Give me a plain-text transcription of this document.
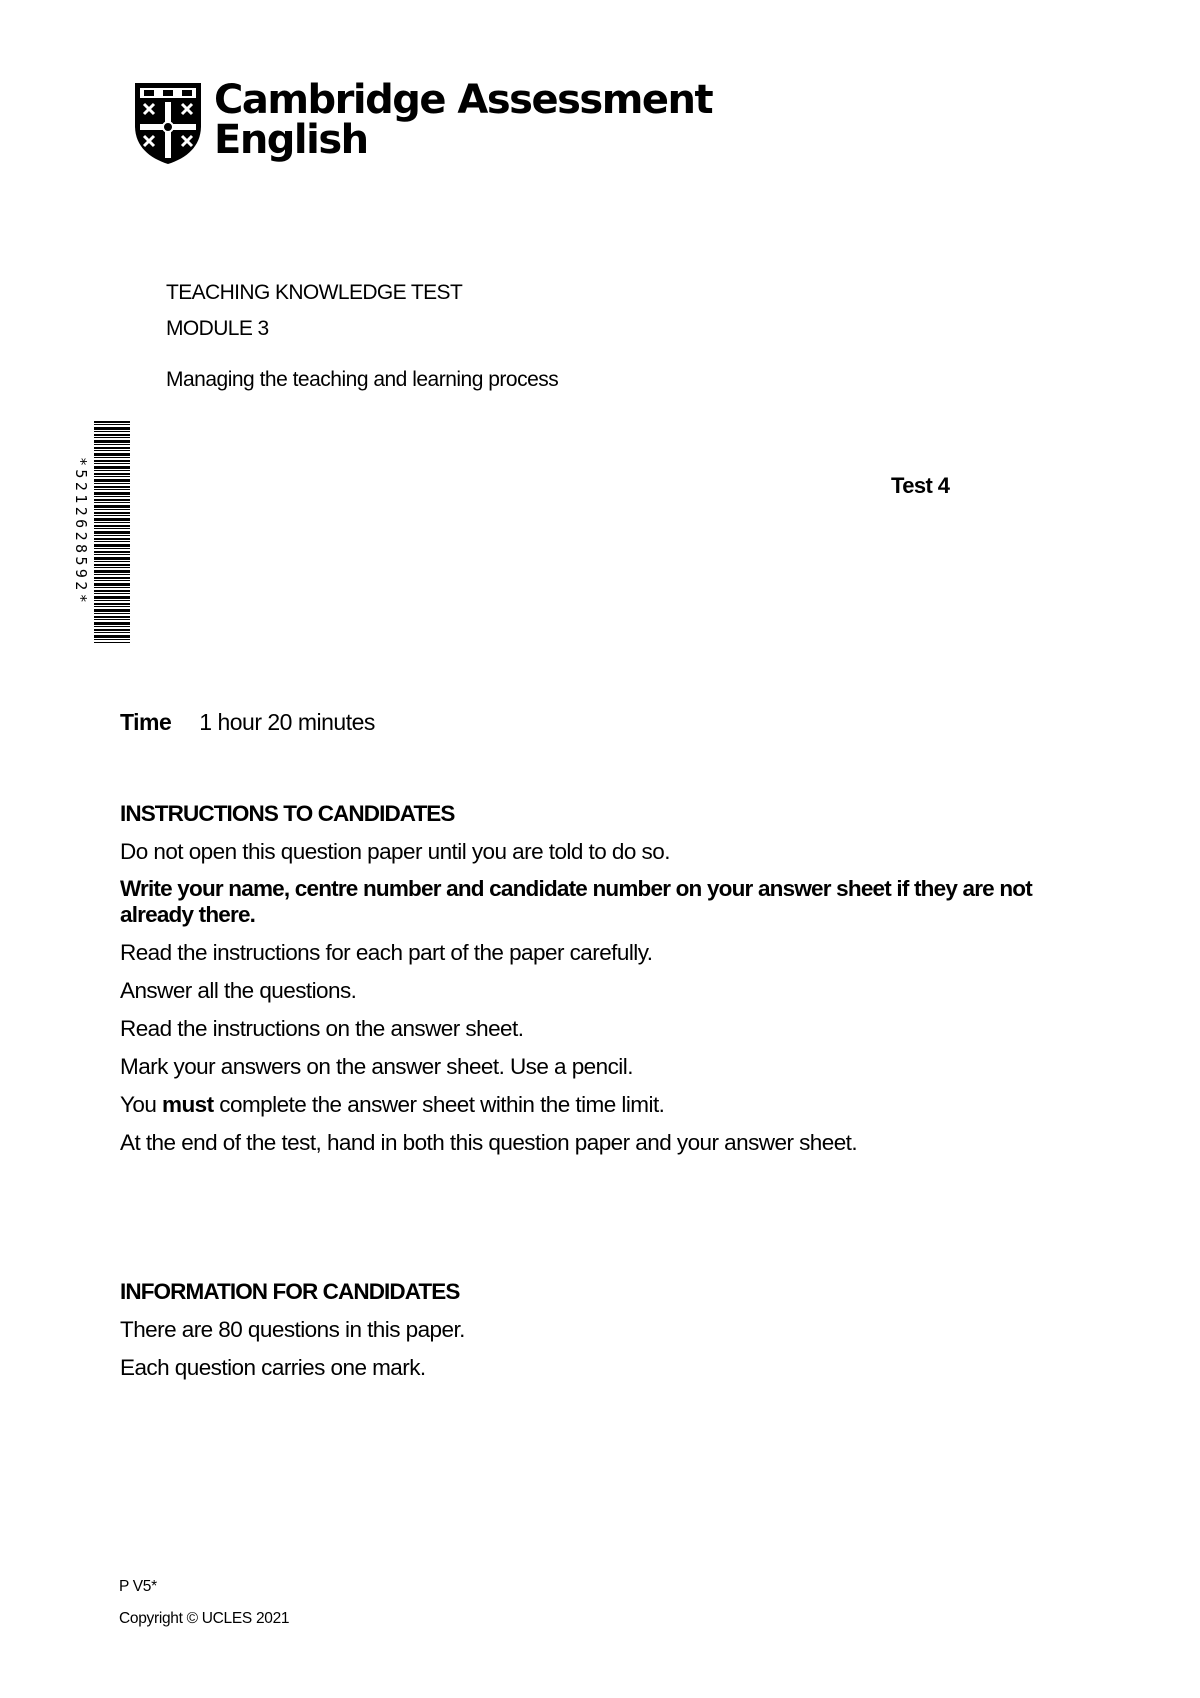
Cambridge Assessment
English
TEACHING KNOWLEDGE TEST
MODULE 3
Managing the teaching and learning process
*5212628592*	Test 4
Time 1 hour 20 minutes
INSTRUCTIONS TO CANDIDATES
Do not open this question paper until you are told to do so.
Write your name, centre number and candidate number on your answer sheet if they are not already there.
Read the instructions for each part of the paper carefully.
Answer all the questions.
Read the instructions on the answer sheet.
Mark your answers on the answer sheet. Use a pencil.
You must complete the answer sheet within the time limit.
At the end of the test, hand in both this question paper and your answer sheet.
INFORMATION FOR CANDIDATES
There are 80 questions in this paper.
Each question carries one mark.
P V5*
Copyright © UCLES 2021
